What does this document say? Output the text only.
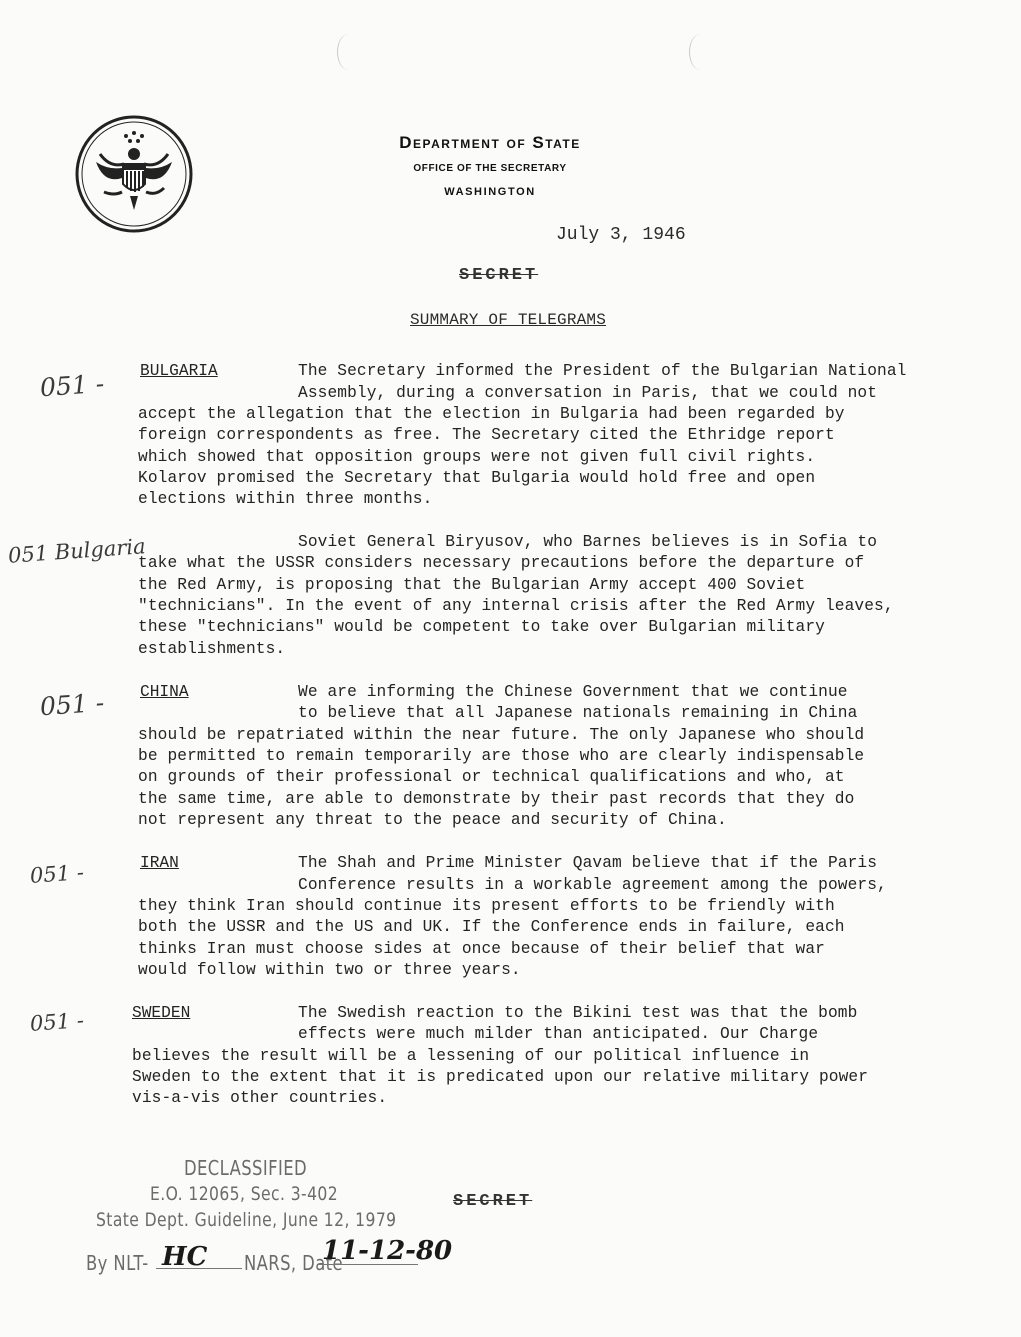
Department of State
OFFICE OF THE SECRETARY
WASHINGTON
July 3, 1946
SECRET
SUMMARY OF TELEGRAMS
051 - BULGARIA	The Secretary informed the President of the Bulgarian National
Assembly, during a conversation in Paris, that we could not
accept the allegation that the election in Bulgaria had been regarded by
foreign correspondents as free. The Secretary cited the Ethridge report
which showed that opposition groups were not given full civil rights.
Kolarov promised the Secretary that Bulgaria would hold free and open
elections within three months.
051 Bulgaria	Soviet General Biryusov, who Barnes believes is in Sofia to
take what the USSR considers necessary precautions before the departure of
the Red Army, is proposing that the Bulgarian Army accept 400 Soviet
"technicians". In the event of any internal crisis after the Red Army leaves,
these "technicians" would be competent to take over Bulgarian military
establishments.
051 - CHINA	We are informing the Chinese Government that we continue
to believe that all Japanese nationals remaining in China
should be repatriated within the near future. The only Japanese who should
be permitted to remain temporarily are those who are clearly indispensable
on grounds of their professional or technical qualifications and who, at
the same time, are able to demonstrate by their past records that they do
not represent any threat to the peace and security of China.
051 -	IRAN	The Shah and Prime Minister Qavam believe that if the Paris
Conference results in a workable agreement among the powers,
they think Iran should continue its present efforts to be friendly with
both the USSR and the US and UK. If the Conference ends in failure, each
thinks Iran must choose sides at once because of their belief that war
would follow within two or three years.
051 -	SWEDEN	The Swedish reaction to the Bikini test was that the bomb
effects were much milder than anticipated. Our Charge
believes the result will be a lessening of our political influence in
Sweden to the extent that it is predicated upon our relative military power
vis-a-vis other countries.
DECLASSIFIED
E.O. 12065, Sec. 3-402
State Dept. Guideline, June 12, 1979
By NLT- HC NARS, Date
11-12-80
SECRET
